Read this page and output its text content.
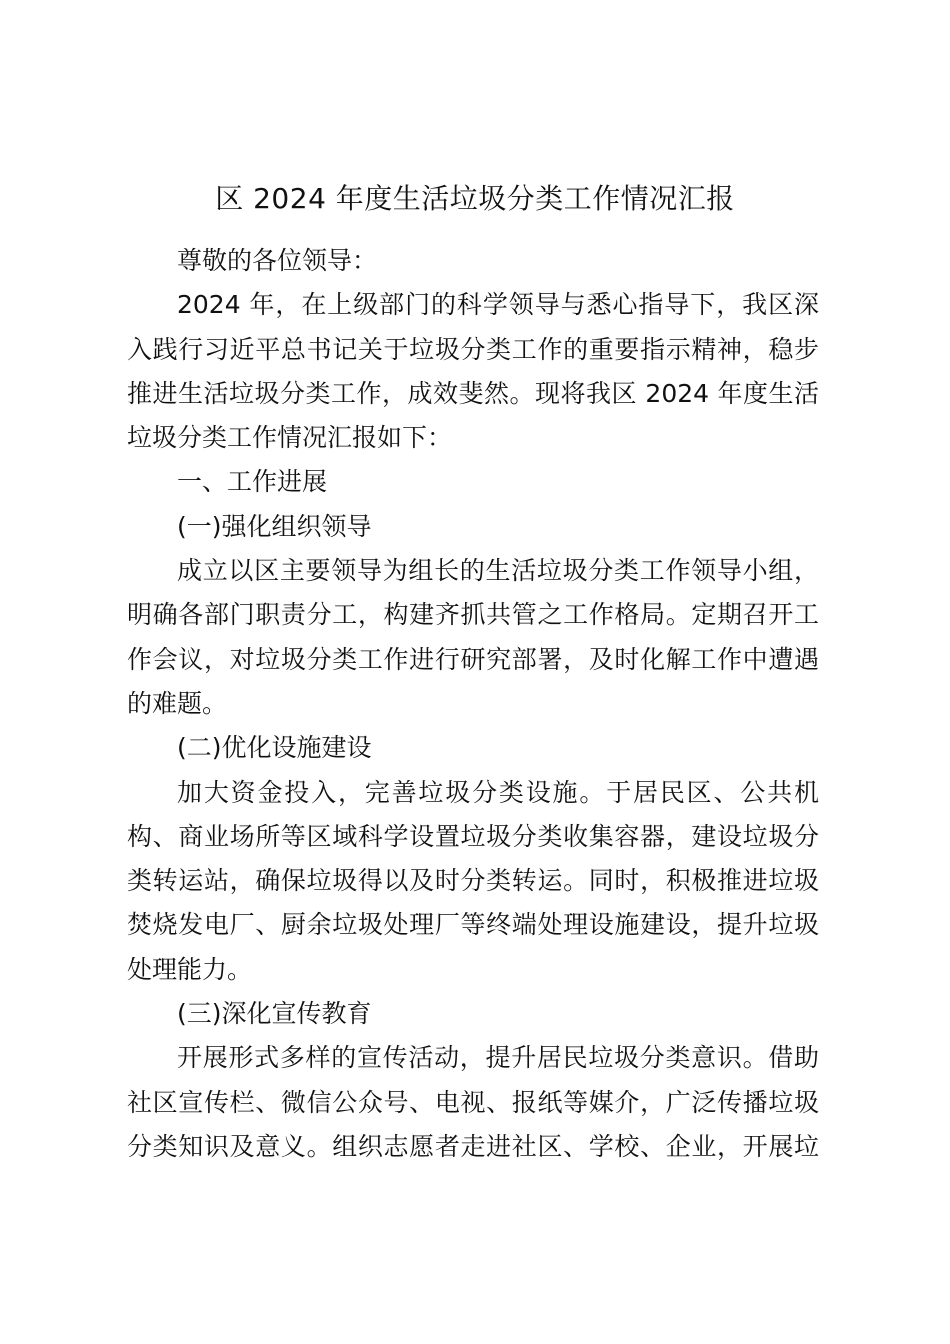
区 2024 年度生活垃圾分类工作情况汇报
尊敬的各位领导：
2024 年，在上级部门的科学领导与悉心指导下，我区深
入践行习近平总书记关于垃圾分类工作的重要指示精神，稳步
推进生活垃圾分类工作，成效斐然。现将我区 2024 年度生活
垃圾分类工作情况汇报如下：
一、工作进展
(一)强化组织领导
成立以区主要领导为组长的生活垃圾分类工作领导小组，
明确各部门职责分工，构建齐抓共管之工作格局。定期召开工
作会议，对垃圾分类工作进行研究部署，及时化解工作中遭遇
的难题。
(二)优化设施建设
加大资金投入，完善垃圾分类设施。于居民区、公共机
构、商业场所等区域科学设置垃圾分类收集容器，建设垃圾分
类转运站，确保垃圾得以及时分类转运。同时，积极推进垃圾
焚烧发电厂、厨余垃圾处理厂等终端处理设施建设，提升垃圾
处理能力。
(三)深化宣传教育
开展形式多样的宣传活动，提升居民垃圾分类意识。借助
社区宣传栏、微信公众号、电视、报纸等媒介，广泛传播垃圾
分类知识及意义。组织志愿者走进社区、学校、企业，开展垃
